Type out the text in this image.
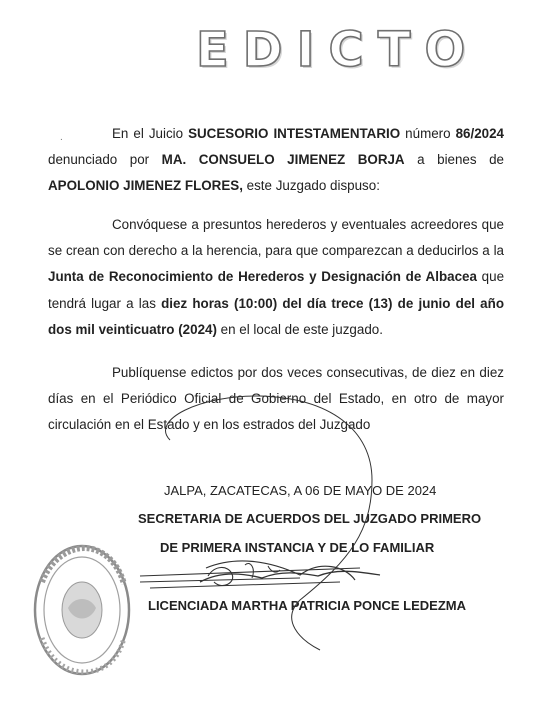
EDICTO
.	En el Juicio SUCESORIO INTESTAMENTARIO número 86/2024 denunciado por MA. CONSUELO JIMENEZ BORJA a bienes de APOLONIO JIMENEZ FLORES, este Juzgado dispuso:

Convóquese a presuntos herederos y eventuales acreedores que se crean con derecho a la herencia, para que comparezcan a deducirlos a la Junta de Reconocimiento de Herederos y Designación de Albacea que tendrá lugar a las diez horas (10:00) del día trece (13) de junio del año dos mil veinticuatro (2024) en el local de este juzgado.

Publíquense edictos por dos veces consecutivas, de diez en diez días en el Periódico Oficial de Gobierno del Estado, en otro de mayor circulación en el Estado y en los estrados del Juzgado

JALPA, ZACATECAS, A 06 DE MAYO DE 2024
SECRETARIA DE ACUERDOS DEL JUZGADO PRIMERO
DE PRIMERA INSTANCIA Y DE LO FAMILIAR
LICENCIADA MARTHA PATRICIA PONCE LEDEZMA
